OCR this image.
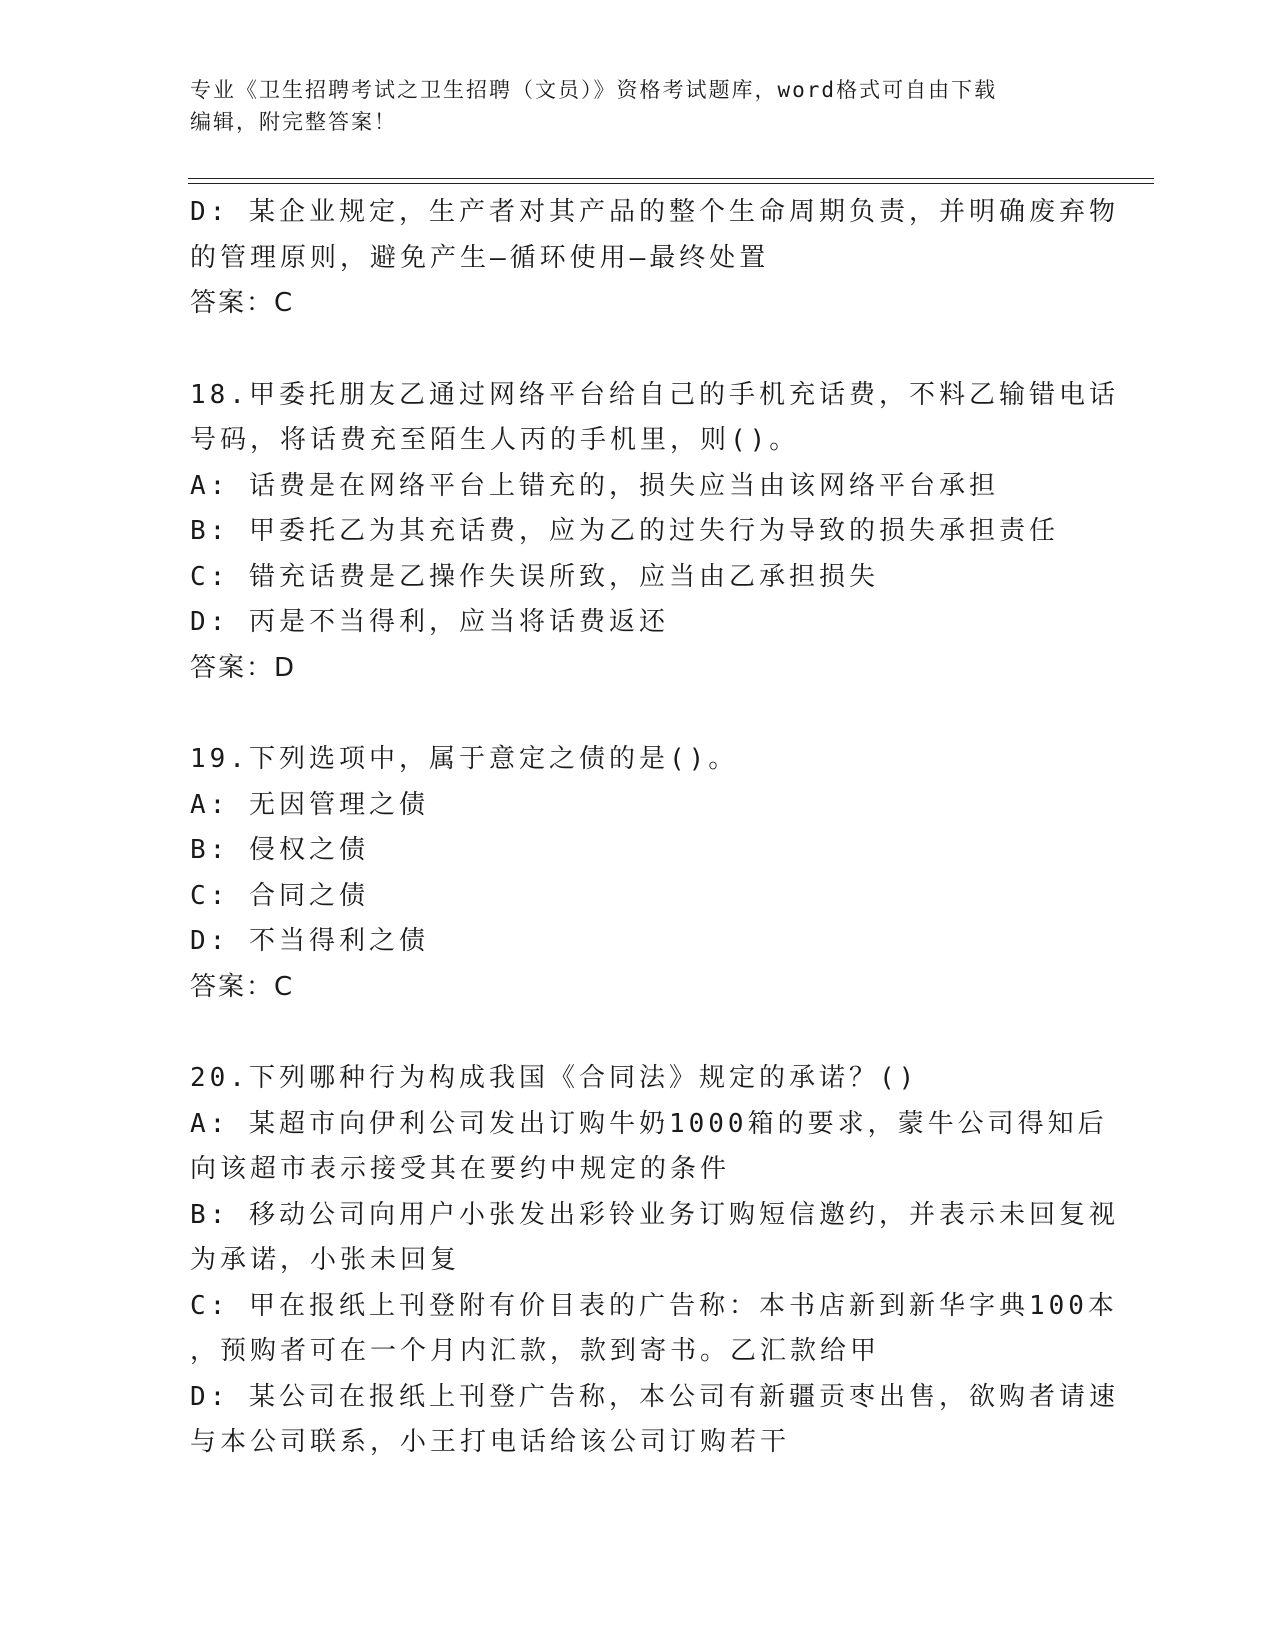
专业《卫生招聘考试之卫生招聘（文员）》资格考试题库，word格式可自由下载
编辑，附完整答案！
D: 某企业规定，生产者对其产品的整个生命周期负责，并明确废弃物
的管理原则，避免产生—循环使用—最终处置
答案：C
18.甲委托朋友乙通过网络平台给自己的手机充话费，不料乙输错电话
号码，将话费充至陌生人丙的手机里，则()。
A: 话费是在网络平台上错充的，损失应当由该网络平台承担
B: 甲委托乙为其充话费，应为乙的过失行为导致的损失承担责任
C: 错充话费是乙操作失误所致，应当由乙承担损失
D: 丙是不当得利，应当将话费返还
答案：D
19.下列选项中，属于意定之债的是()。
A: 无因管理之债
B: 侵权之债
C: 合同之债
D: 不当得利之债
答案：C
20.下列哪种行为构成我国《合同法》规定的承诺？()
A: 某超市向伊利公司发出订购牛奶1000箱的要求，蒙牛公司得知后
向该超市表示接受其在要约中规定的条件
B: 移动公司向用户小张发出彩铃业务订购短信邀约，并表示未回复视
为承诺，小张未回复
C: 甲在报纸上刊登附有价目表的广告称：本书店新到新华字典100本
，预购者可在一个月内汇款，款到寄书。乙汇款给甲
D: 某公司在报纸上刊登广告称，本公司有新疆贡枣出售，欲购者请速
与本公司联系，小王打电话给该公司订购若干
